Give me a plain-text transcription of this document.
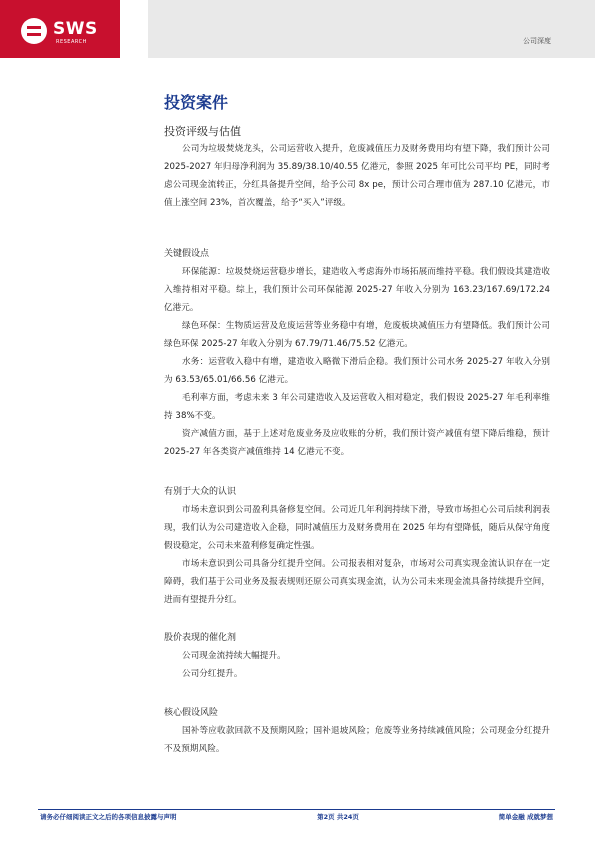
SWS
RESEARCH	公司深度
投资案件
投资评级与估值

公司为垃圾焚烧龙头，公司运营收入提升，危废减值压力及财务费用均有望下降，我们预计公司 2025-2027 年归母净利润为 35.89/38.10/40.55 亿港元，参照 2025 年可比公司平均 PE，同时考虑公司现金流转正，分红具备提升空间，给予公司 8x pe，预计公司合理市值为 287.10 亿港元，市值上涨空间 23%，首次覆盖，给予“买入”评级。

关键假设点

环保能源：垃圾焚烧运营稳步增长，建造收入考虑海外市场拓展而维持平稳。我们假设其建造收入维持相对平稳。综上，我们预计公司环保能源 2025-27 年收入分别为 163.23/167.69/172.24 亿港元。

绿色环保：生物质运营及危废运营等业务稳中有增，危废板块减值压力有望降低。我们预计公司绿色环保 2025-27 年收入分别为 67.79/71.46/75.52 亿港元。

水务：运营收入稳中有增，建造收入略微下滑后企稳。我们预计公司水务 2025-27 年收入分别为 63.53/65.01/66.56 亿港元。

毛利率方面，考虑未来 3 年公司建造收入及运营收入相对稳定，我们假设 2025-27 年毛利率维持 38%不变。

资产减值方面，基于上述对危废业务及应收账的分析，我们预计资产减值有望下降后维稳，预计 2025-27 年各类资产减值维持 14 亿港元不变。

有别于大众的认识

市场未意识到公司盈利具备修复空间。公司近几年利润持续下滑，导致市场担心公司后续利润表现，我们认为公司建造收入企稳，同时减值压力及财务费用在 2025 年均有望降低，随后从保守角度假设稳定，公司未来盈利修复确定性强。

市场未意识到公司具备分红提升空间。公司报表相对复杂，市场对公司真实现金流认识存在一定障碍，我们基于公司业务及报表规则还原公司真实现金流，认为公司未来现金流具备持续提升空间，进而有望提升分红。

股价表现的催化剂

公司现金流持续大幅提升。

公司分红提升。

核心假设风险

国补等应收款回款不及预期风险；国补退坡风险；危废等业务持续减值风险；公司现金分红提升不及预期风险。

请务必仔细阅读正文之后的各项信息披露与声明	第2页 共24页	简单金融 成就梦想
